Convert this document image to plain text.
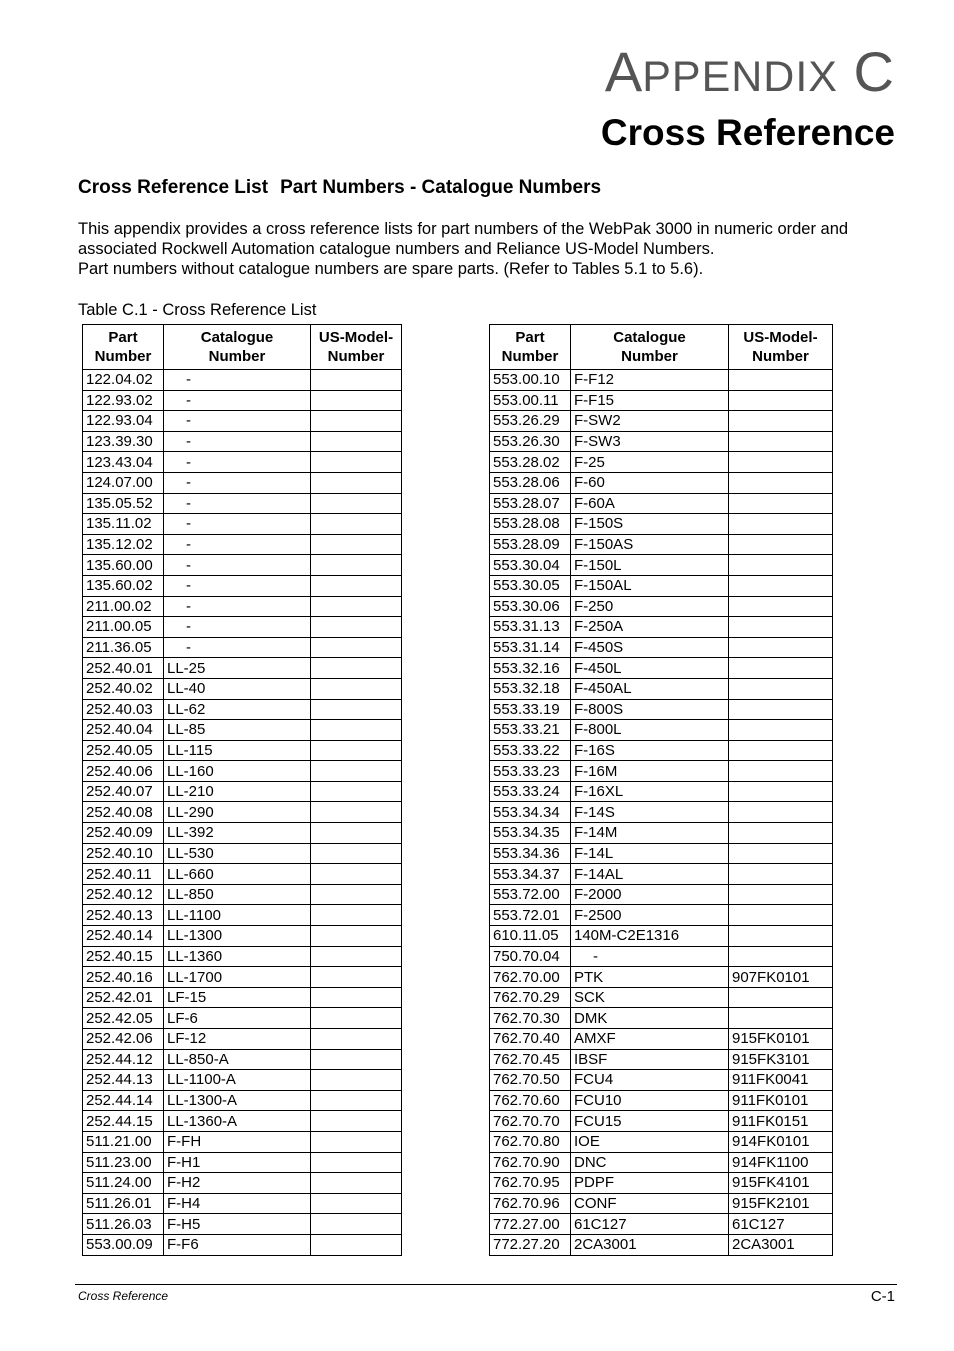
APPENDIX C
Cross Reference
Cross Reference List Part Numbers - Catalogue Numbers

This appendix provides a cross reference lists for part numbers of the WebPak 3000 in numeric order and associated Rockwell Automation catalogue numbers and Reliance US-Model Numbers.

Part numbers without catalogue numbers are spare parts. (Refer to Tables 5.1 to 5.6).

Table C.1 - Cross Reference List
Part
Number	Catalogue
Number	US-Model-
Number
122.04.02	-	
122.93.02	-	
122.93.04	-	
123.39.30	-	
123.43.04	-	
124.07.00	-	
135.05.52	-	
135.11.02	-	
135.12.02	-	
135.60.00	-	
135.60.02	-	
211.00.02	-	
211.00.05	-	
211.36.05	-	
252.40.01	LL-25	
252.40.02	LL-40	
252.40.03	LL-62	
252.40.04	LL-85	
252.40.05	LL-115	
252.40.06	LL-160	
252.40.07	LL-210	
252.40.08	LL-290	
252.40.09	LL-392	
252.40.10	LL-530	
252.40.11	LL-660	
252.40.12	LL-850	
252.40.13	LL-1100	
252.40.14	LL-1300	
252.40.15	LL-1360	
252.40.16	LL-1700	
252.42.01	LF-15	
252.42.05	LF-6	
252.42.06	LF-12	
252.44.12	LL-850-A	
252.44.13	LL-1100-A	
252.44.14	LL-1300-A	
252.44.15	LL-1360-A	
511.21.00	F-FH	
511.23.00	F-H1	
511.24.00	F-H2	
511.26.01	F-H4	
511.26.03	F-H5	
553.00.09	F-F6	
Part
Number	Catalogue
Number	US-Model-
Number
553.00.10	F-F12	
553.00.11	F-F15	
553.26.29	F-SW2	
553.26.30	F-SW3	
553.28.02	F-25	
553.28.06	F-60	
553.28.07	F-60A	
553.28.08	F-150S	
553.28.09	F-150AS	
553.30.04	F-150L	
553.30.05	F-150AL	
553.30.06	F-250	
553.31.13	F-250A	
553.31.14	F-450S	
553.32.16	F-450L	
553.32.18	F-450AL	
553.33.19	F-800S	
553.33.21	F-800L	
553.33.22	F-16S	
553.33.23	F-16M	
553.33.24	F-16XL	
553.34.34	F-14S	
553.34.35	F-14M	
553.34.36	F-14L	
553.34.37	F-14AL	
553.72.00	F-2000	
553.72.01	F-2500	
610.11.05	140M-C2E1316	
750.70.04	-	
762.70.00	PTK	907FK0101
762.70.29	SCK	
762.70.30	DMK	
762.70.40	AMXF	915FK0101
762.70.45	IBSF	915FK3101
762.70.50	FCU4	911FK0041
762.70.60	FCU10	911FK0101
762.70.70	FCU15	911FK0151
762.70.80	IOE	914FK0101
762.70.90	DNC	914FK1100
762.70.95	PDPF	915FK4101
762.70.96	CONF	915FK2101
772.27.00	61C127	61C127
772.27.20	2CA3001	2CA3001
Cross Reference	C-1
